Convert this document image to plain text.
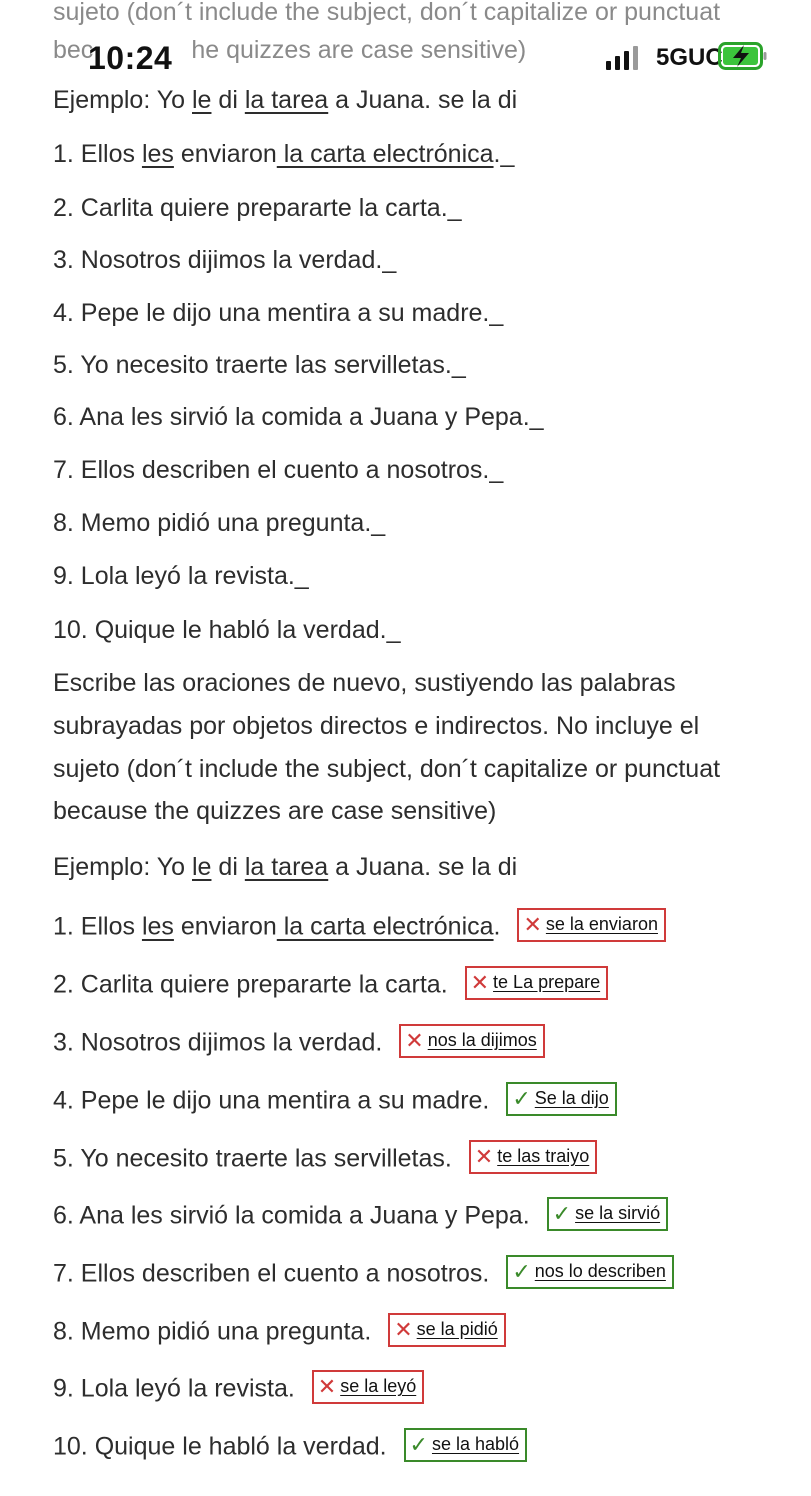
sujeto (don´t include the subject, don´t capitalize or punctuat
bec	he quizzes are case sensitive)
10:24	5GUC
Ejemplo: Yo le di la tarea a Juana. se la di
1. Ellos les enviaron la carta electrónica._
2. Carlita quiere prepararte la carta._
3. Nosotros dijimos la verdad._
4. Pepe le dijo una mentira a su madre._
5. Yo necesito traerte las servilletas._
6. Ana les sirvió la comida a Juana y Pepa._
7. Ellos describen el cuento a nosotros._
8. Memo pidió una pregunta._
9. Lola leyó la revista._
10. Quique le habló la verdad._
Escribe las oraciones de nuevo, sustiyendo las palabras
subrayadas por objetos directos e indirectos. No incluye el
sujeto (don´t include the subject, don´t capitalize or punctuat
because the quizzes are case sensitive)
Ejemplo: Yo le di la tarea a Juana. se la di
1. Ellos les enviaron la carta electrónica. ✕ se la enviaron
2. Carlita quiere prepararte la carta. ✕ te La prepare
3. Nosotros dijimos la verdad. ✕ nos la dijimos
4. Pepe le dijo una mentira a su madre. ✓ Se la dijo
5. Yo necesito traerte las servilletas. ✕ te las traiyo
6. Ana les sirvió la comida a Juana y Pepa. ✓ se la sirvió
7. Ellos describen el cuento a nosotros. ✓ nos lo describen
8. Memo pidió una pregunta. ✕ se la pidió
9. Lola leyó la revista. ✕ se la leyó
10. Quique le habló la verdad. ✓ se la habló
